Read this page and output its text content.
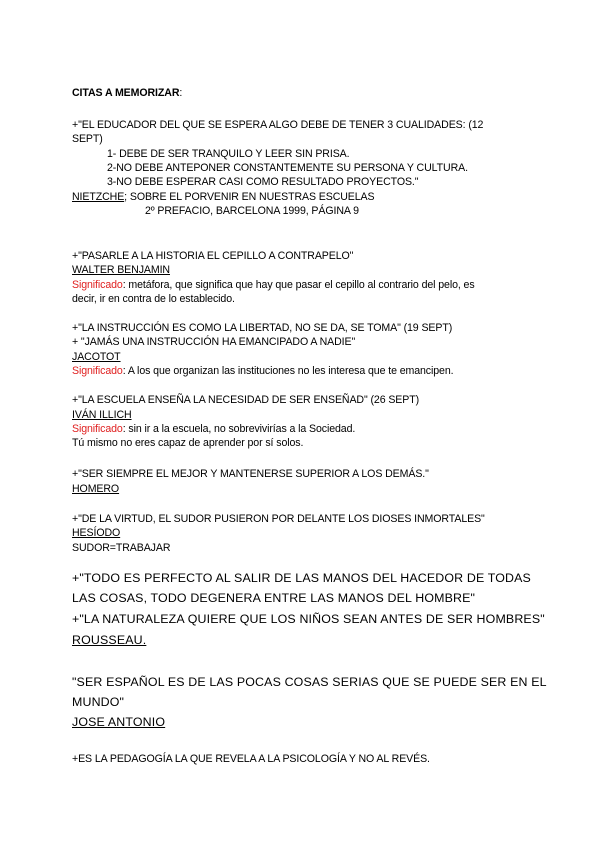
CITAS A MEMORIZAR:
+"EL EDUCADOR DEL QUE SE ESPERA ALGO DEBE DE TENER 3 CUALIDADES: (12
SEPT)
1- DEBE DE SER TRANQUILO Y LEER SIN PRISA.
2-NO DEBE ANTEPONER CONSTANTEMENTE SU PERSONA Y CULTURA.
3-NO DEBE ESPERAR CASI COMO RESULTADO PROYECTOS."
NIETZCHE; SOBRE EL PORVENIR EN NUESTRAS ESCUELAS
2º PREFACIO, BARCELONA 1999, PÁGINA 9
+"PASARLE A LA HISTORIA EL CEPILLO A CONTRAPELO"
WALTER BENJAMIN
Significado: metáfora, que significa que hay que pasar el cepillo al contrario del pelo, es
decir, ir en contra de lo establecido.
+"LA INSTRUCCIÓN ES COMO LA LIBERTAD, NO SE DA, SE TOMA" (19 SEPT)
+ "JAMÁS UNA INSTRUCCIÓN HA EMANCIPADO A NADIE"
JACOTOT
Significado: A los que organizan las instituciones no les interesa que te emancipen.
+"LA ESCUELA ENSEÑA LA NECESIDAD DE SER ENSEÑAD" (26 SEPT)
IVÁN ILLICH
Significado: sin ir a la escuela, no sobrevivirías a la Sociedad.
Tú mismo no eres capaz de aprender por sí solos.
+"SER SIEMPRE EL MEJOR Y MANTENERSE SUPERIOR A LOS DEMÁS."
HOMERO
+"DE LA VIRTUD, EL SUDOR PUSIERON POR DELANTE LOS DIOSES INMORTALES"
HESÍODO
SUDOR=TRABAJAR
+"TODO ES PERFECTO AL SALIR DE LAS MANOS DEL HACEDOR DE TODAS
LAS COSAS, TODO DEGENERA ENTRE LAS MANOS DEL HOMBRE"
+"LA NATURALEZA QUIERE QUE LOS NIÑOS SEAN ANTES DE SER HOMBRES"
ROUSSEAU.
"SER ESPAÑOL ES DE LAS POCAS COSAS SERIAS QUE SE PUEDE SER EN EL
MUNDO"
JOSE ANTONIO
+ES LA PEDAGOGÍA LA QUE REVELA A LA PSICOLOGÍA Y NO AL REVÉS.
